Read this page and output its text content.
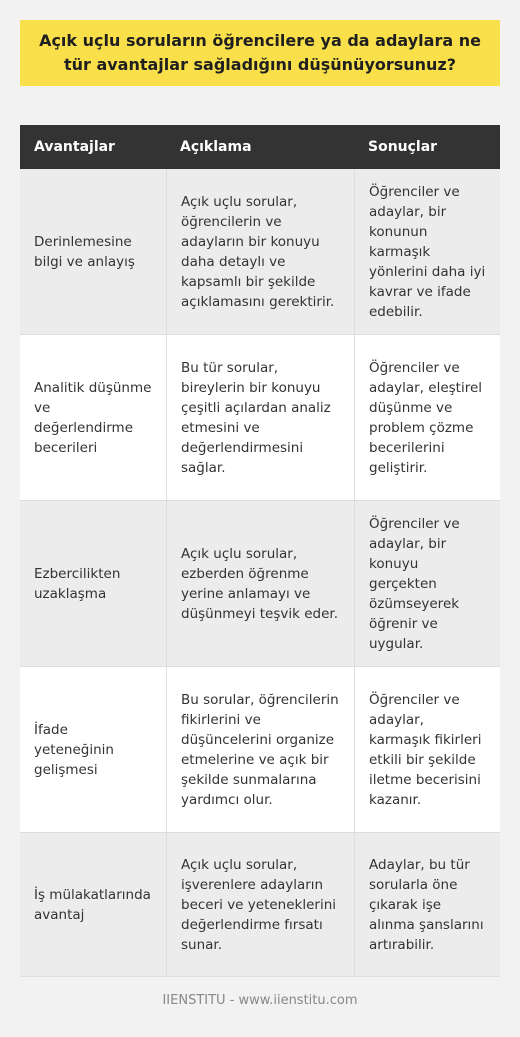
Açık uçlu soruların öğrencilere ya da adaylara ne tür avantajlar sağladığını düşünüyorsunuz?
Avantajlar	Açıklama	Sonuçlar
Derinlemesine bilgi ve anlayış	Açık uçlu sorular, öğrencilerin ve adayların bir konuyu daha detaylı ve kapsamlı bir şekilde açıklamasını gerektirir.	Öğrenciler ve adaylar, bir konunun karmaşık yönlerini daha iyi kavrar ve ifade edebilir.
Analitik düşünme ve değerlendirme becerileri	Bu tür sorular, bireylerin bir konuyu çeşitli açılardan analiz etmesini ve değerlendirmesini sağlar.	Öğrenciler ve adaylar, eleştirel düşünme ve problem çözme becerilerini geliştirir.
Ezbercilikten uzaklaşma	Açık uçlu sorular, ezberden öğrenme yerine anlamayı ve düşünmeyi teşvik eder.	Öğrenciler ve adaylar, bir konuyu gerçekten özümseyerek öğrenir ve uygular.
İfade yeteneğinin gelişmesi	Bu sorular, öğrencilerin fikirlerini ve düşüncelerini organize etmelerine ve açık bir şekilde sunmalarına yardımcı olur.	Öğrenciler ve adaylar, karmaşık fikirleri etkili bir şekilde iletme becerisini kazanır.
İş mülakatlarında avantaj	Açık uçlu sorular, işverenlere adayların beceri ve yeteneklerini değerlendirme fırsatı sunar.	Adaylar, bu tür sorularla öne çıkarak işe alınma şanslarını artırabilir.
IIENSTITU - www.iienstitu.com
